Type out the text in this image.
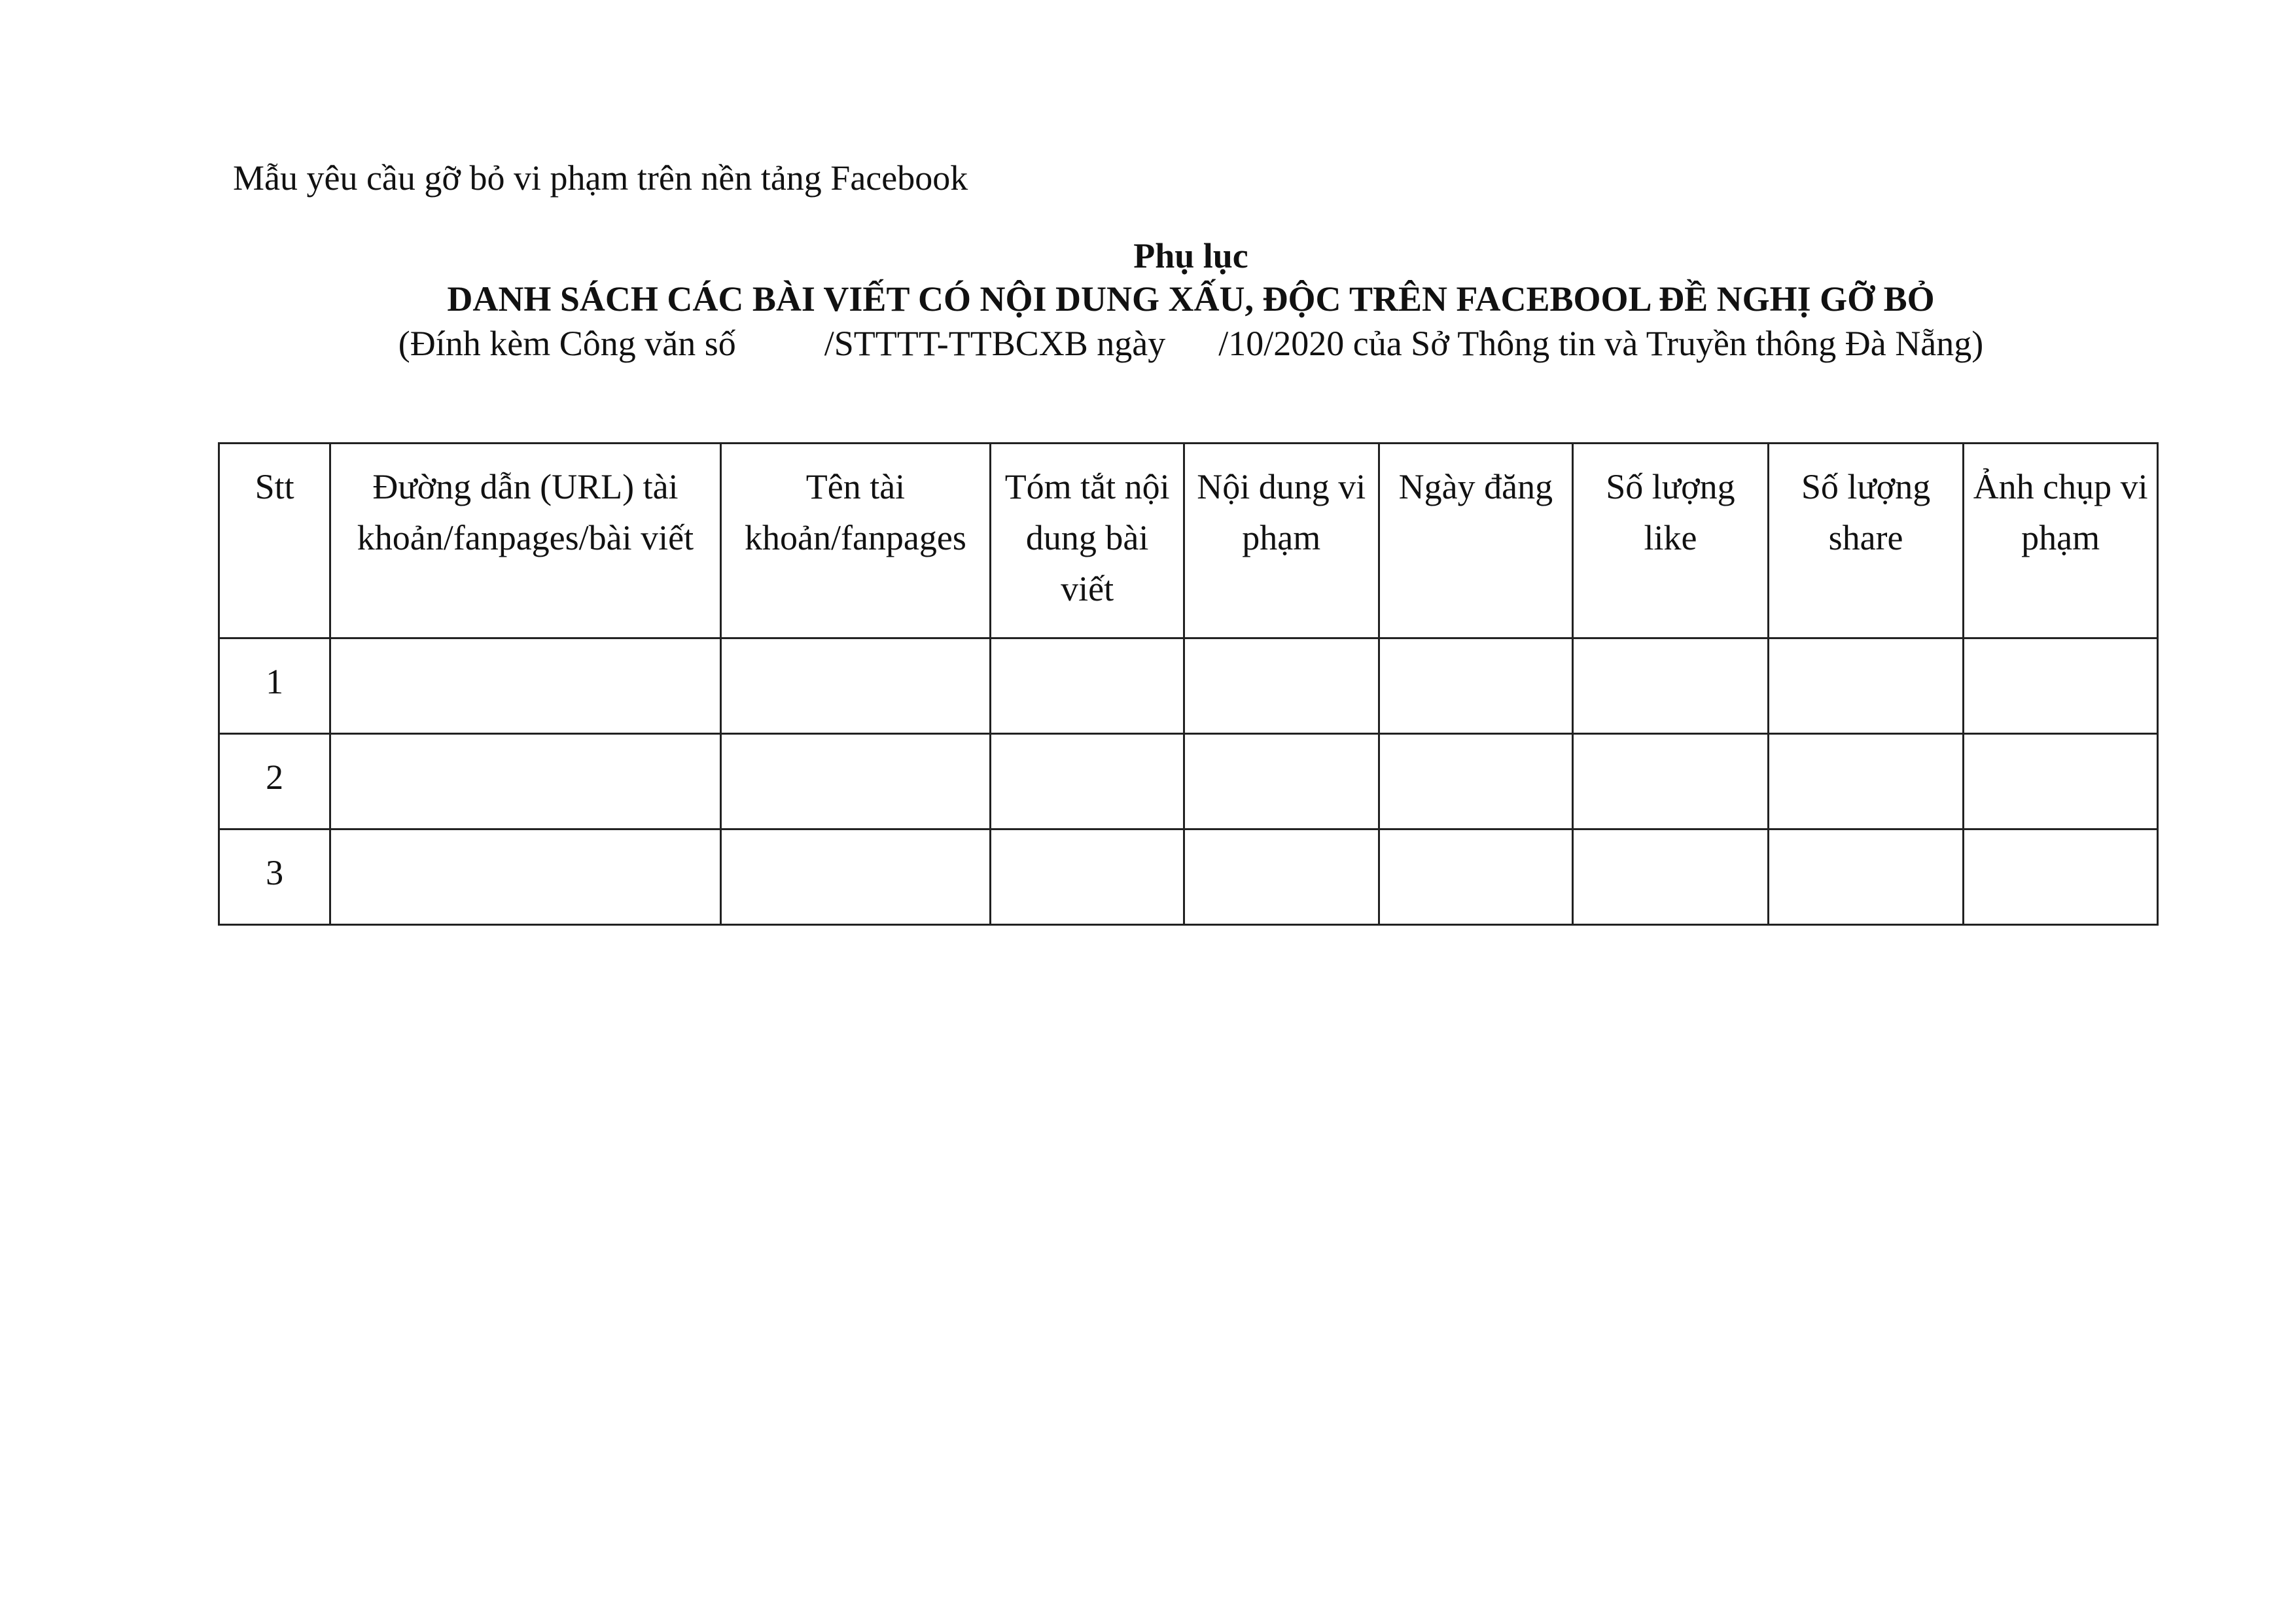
Mẫu yêu cầu gỡ bỏ vi phạm trên nền tảng Facebook
Phụ lục
DANH SÁCH CÁC BÀI VIẾT CÓ NỘI DUNG XẤU, ĐỘC TRÊN FACEBOOL ĐỀ NGHỊ GỠ BỎ
(Đính kèm Công văn số          /STTTT-TTBCXB ngày      /10/2020 của Sở Thông tin và Truyền thông Đà Nẵng)
Stt	Đường dẫn (URL) tài khoản/fanpages/bài viết	Tên tài khoản/fanpages	Tóm tắt nội dung bài viết	Nội dung vi phạm	Ngày đăng	Số lượng like	Số lượng share	Ảnh chụp vi phạm
1								
2								
3								
